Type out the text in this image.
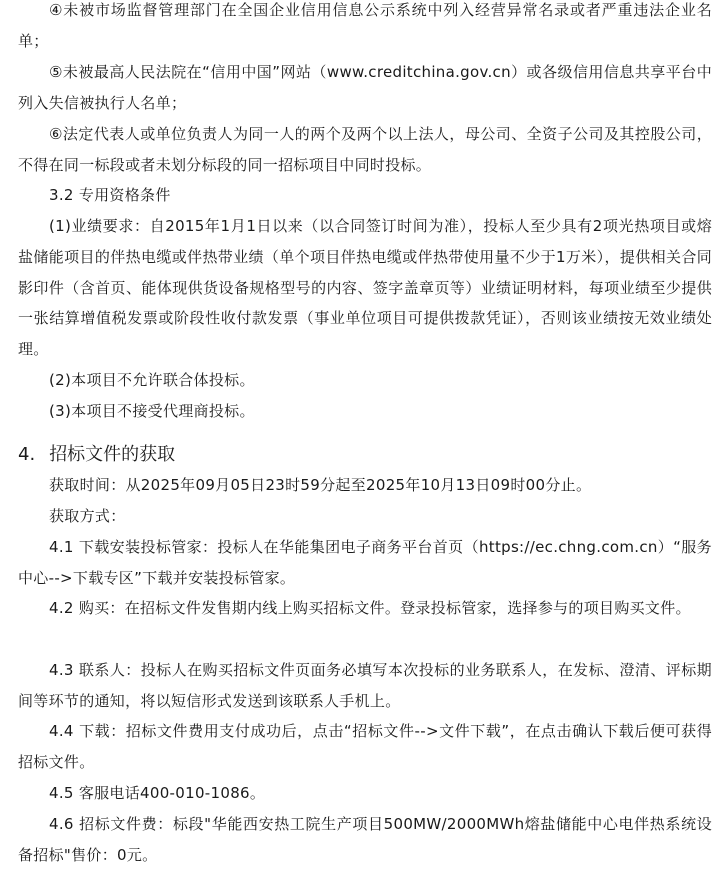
④未被市场监督管理部门在全国企业信用信息公示系统中列入经营异常名录或者严重违法企业名单；

⑤未被最高人民法院在“信用中国”网站（www.creditchina.gov.cn）或各级信用信息共享平台中列入失信被执行人名单；

⑥法定代表人或单位负责人为同一人的两个及两个以上法人，母公司、全资子公司及其控股公司，不得在同一标段或者未划分标段的同一招标项目中同时投标。

3.2 专用资格条件

(1)业绩要求：自2015年1月1日以来（以合同签订时间为准），投标人至少具有2项光热项目或熔盐储能项目的伴热电缆或伴热带业绩（单个项目伴热电缆或伴热带使用量不少于1万米），提供相关合同影印件（含首页、能体现供货设备规格型号的内容、签字盖章页等）业绩证明材料，每项业绩至少提供一张结算增值税发票或阶段性收付款发票（事业单位项目可提供拨款凭证），否则该业绩按无效业绩处理。

(2)本项目不允许联合体投标。

(3)本项目不接受代理商投标。

4. 招标文件的获取

获取时间：从2025年09月05日23时59分起至2025年10月13日09时00分止。

获取方式：

4.1 下载安装投标管家：投标人在华能集团电子商务平台首页（https://ec.chng.com.cn）“服务中心-->下载专区”下载并安装投标管家。

4.2 购买：在招标文件发售期内线上购买招标文件。登录投标管家，选择参与的项目购买文件。

4.3 联系人：投标人在购买招标文件页面务必填写本次投标的业务联系人，在发标、澄清、评标期间等环节的通知，将以短信形式发送到该联系人手机上。

4.4 下载：招标文件费用支付成功后，点击“招标文件-->文件下载”，在点击确认下载后便可获得招标文件。

4.5 客服电话400-010-1086。

4.6 招标文件费：标段"华能西安热工院生产项目500MW/2000MWh熔盐储能中心电伴热系统设备招标"售价：0元。
